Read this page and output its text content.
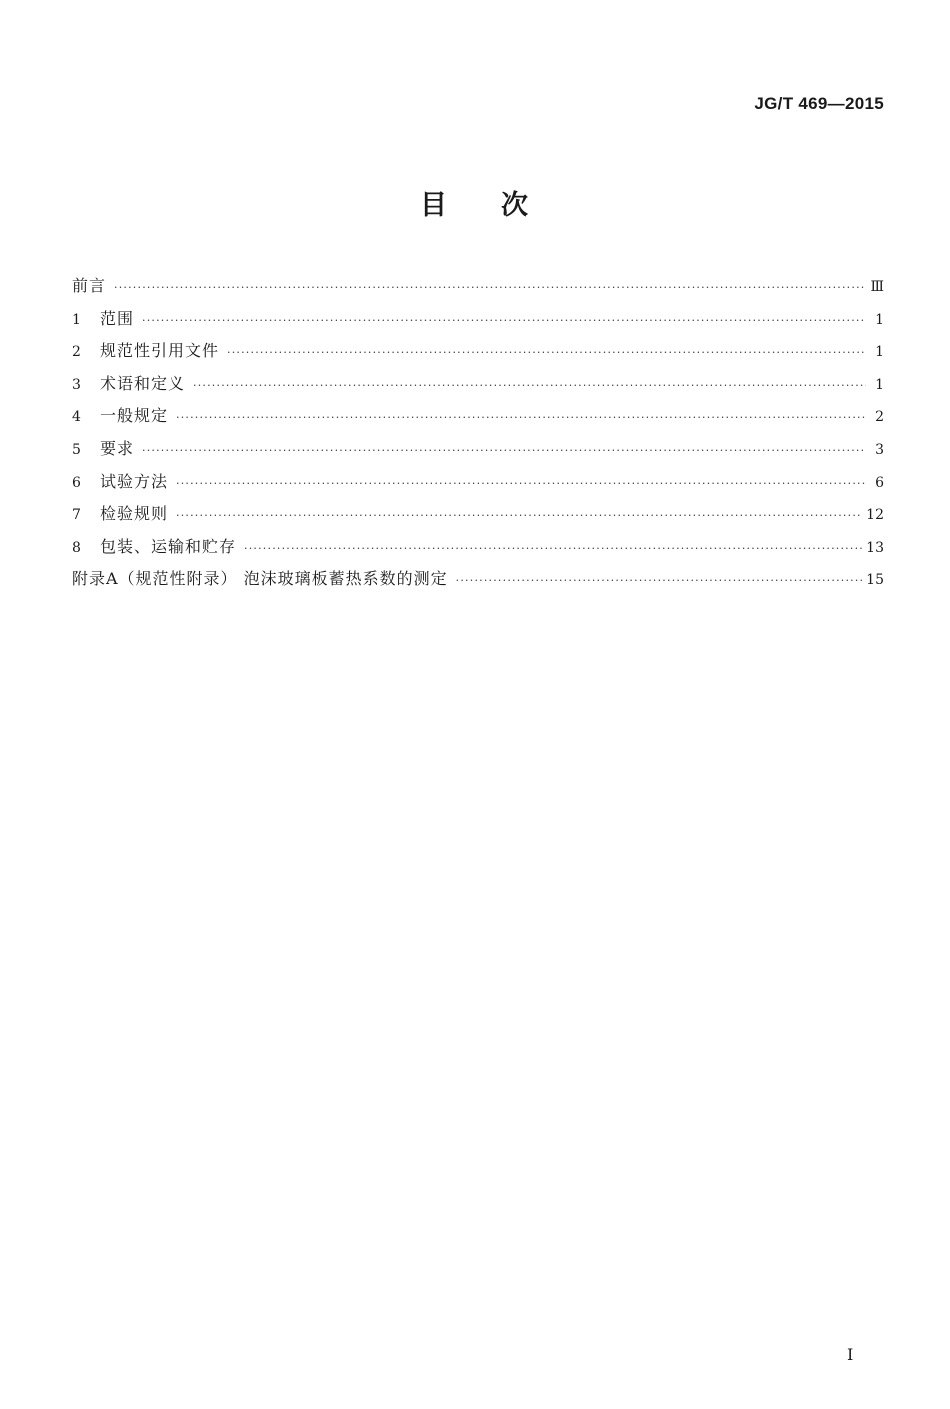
JG/T 469—2015
目 次
前言 ·····	Ⅲ
1	范围 ·····	1
2	规范性引用文件 ·····	1
3	术语和定义 ·····	1
4	一般规定 ·····	2
5	要求 ·····	3
6	试验方法 ·····	6
7	检验规则 ·····	12
8	包装、运输和贮存 ·····	13
附录A（规范性附录） 泡沫玻璃板蓄热系数的测定 ·····	15
I
